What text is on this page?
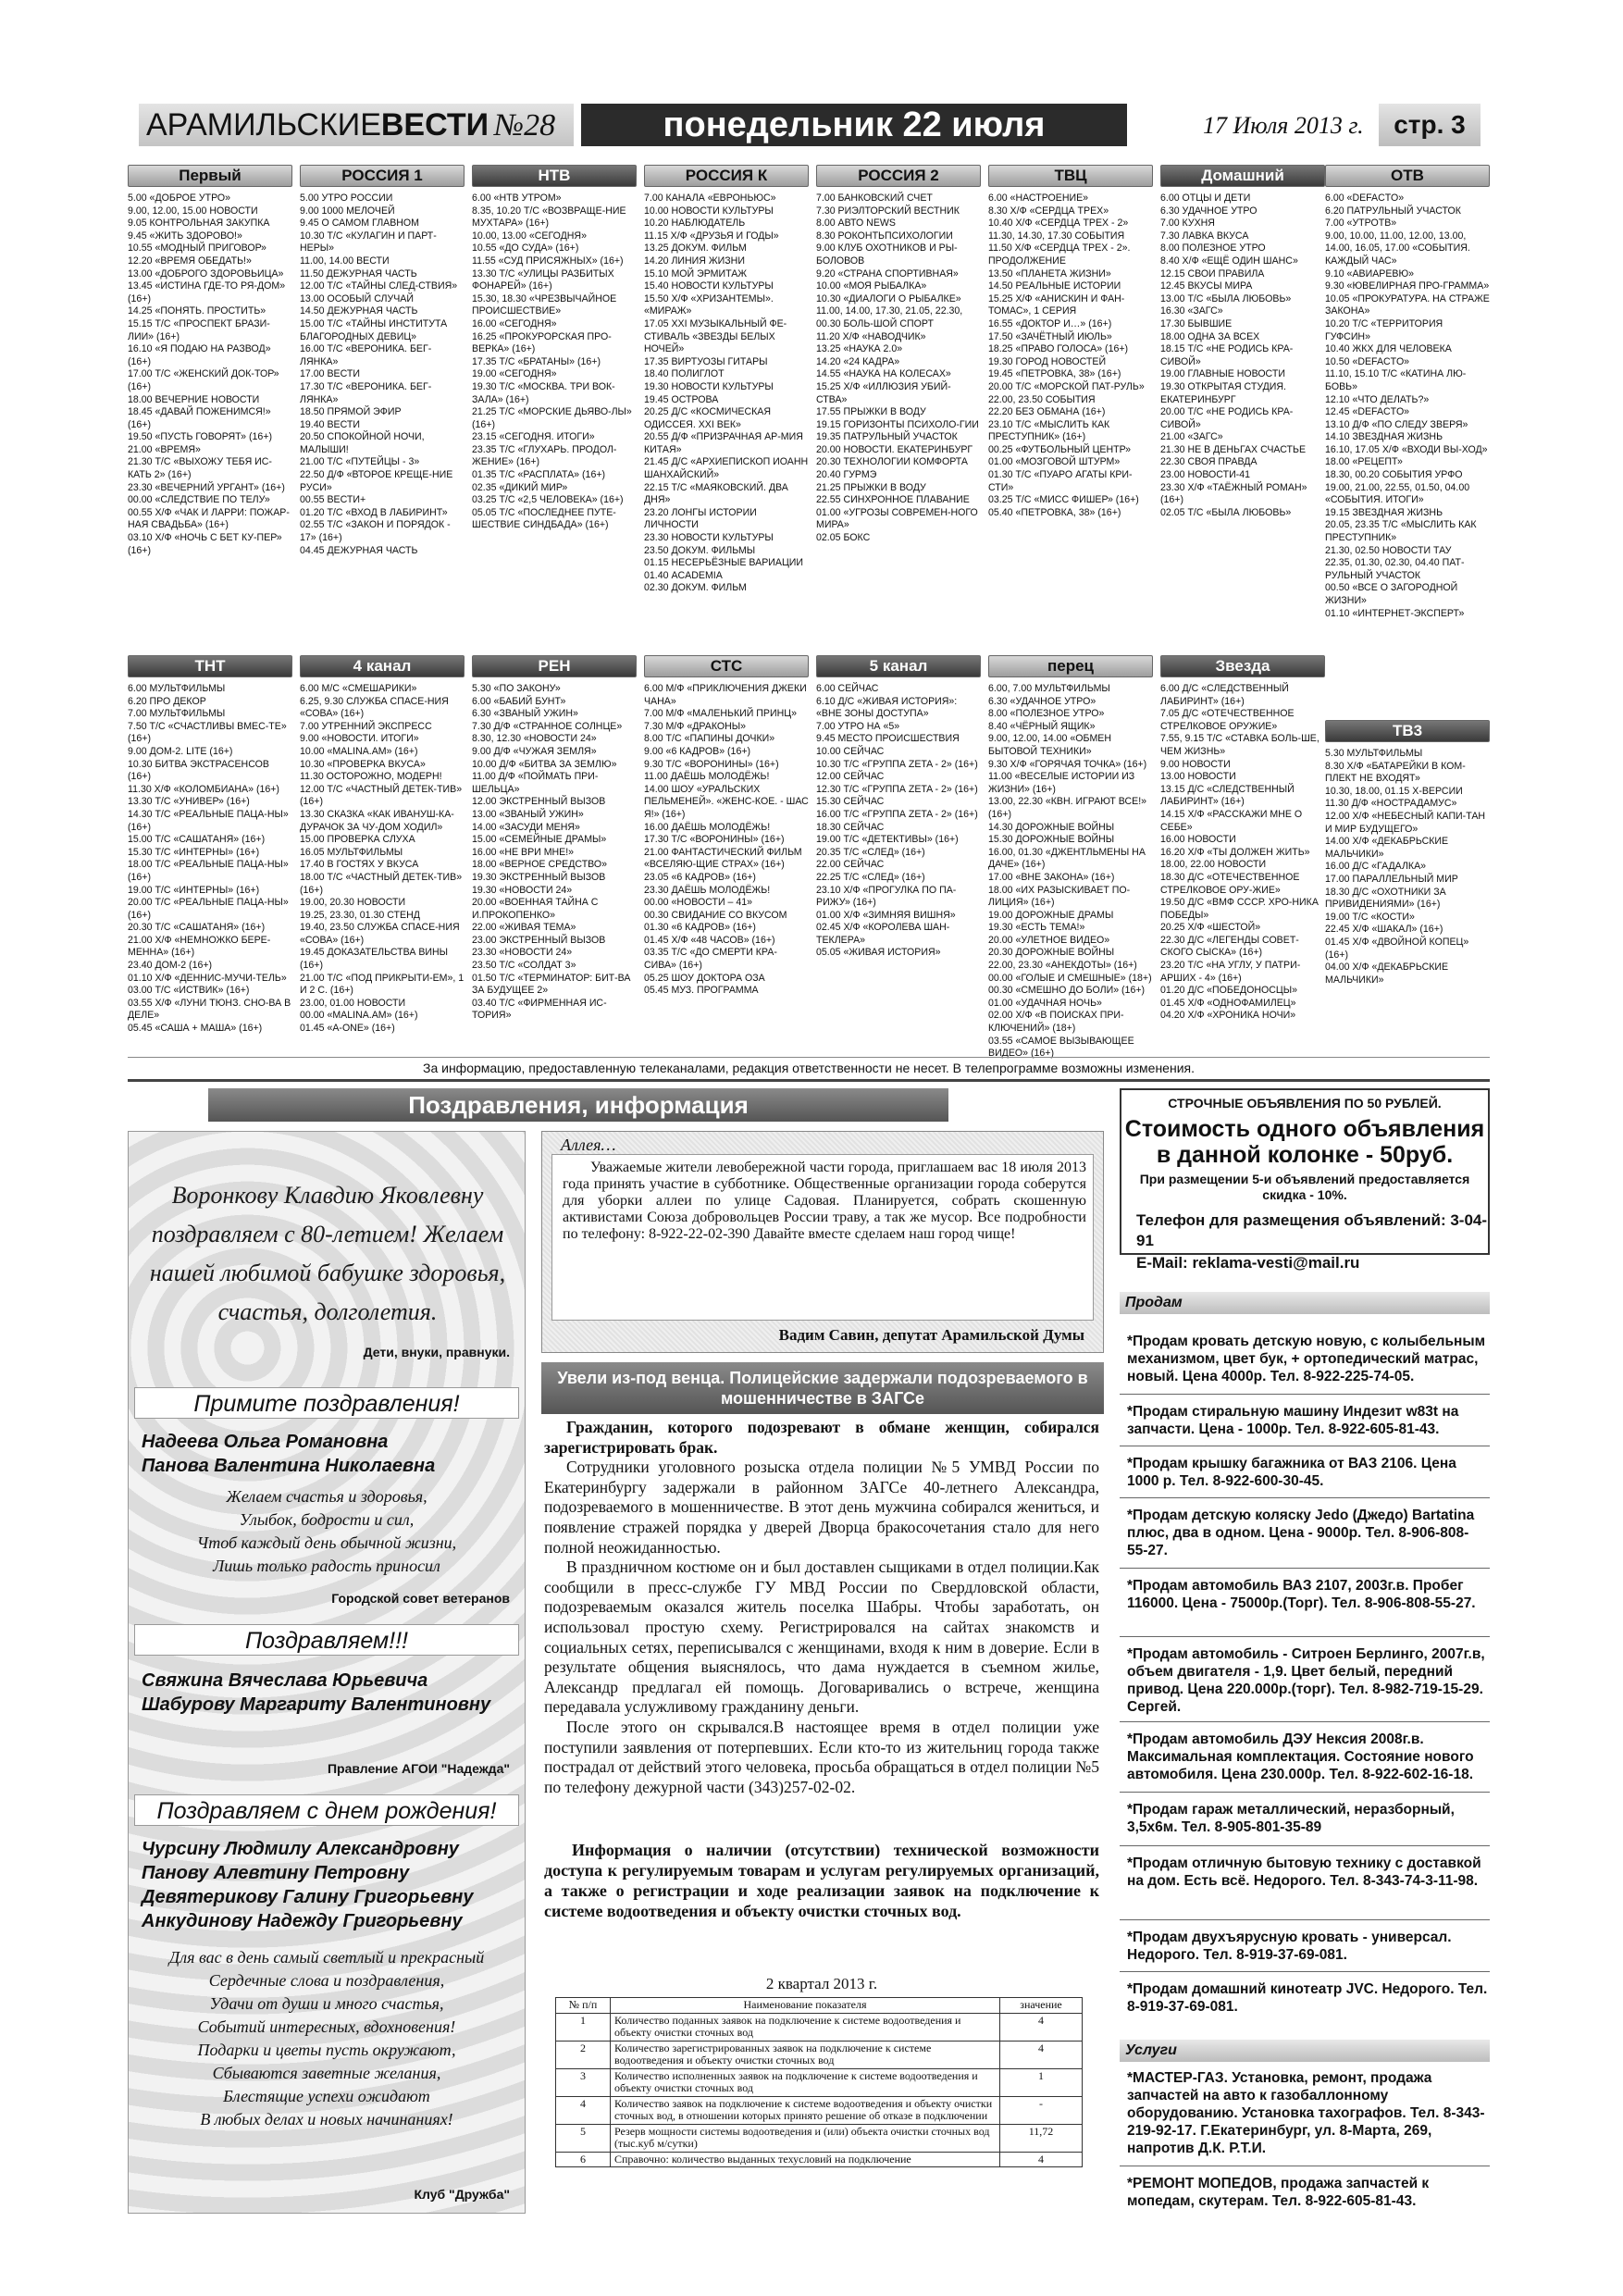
АРАМИЛЬСКИЕВЕСТИ №28	понедельник 22 июля	17 Июля 2013 г.	стр. 3
Первый
5.00 «ДОБРОЕ УТРО»
9.00, 12.00, 15.00 НОВОСТИ
9.05 КОНТРОЛЬНАЯ ЗАКУПКА
9.45 «ЖИТЬ ЗДОРОВО!»
10.55 «МОДНЫЙ ПРИГОВОР»
12.20 «ВРЕМЯ ОБЕДАТЬ!»
13.00 «ДОБРОГО ЗДОРОВЬИЦА»
13.45 «ИСТИНА ГДЕ-ТО РЯ-ДОМ» (16+)
14.25 «ПОНЯТЬ. ПРОСТИТЬ»
15.15 Т/С «ПРОСПЕКТ БРАЗИ-ЛИИ» (16+)
16.10 «Я ПОДАЮ НА РАЗВОД» (16+)
17.00 Т/С «ЖЕНСКИЙ ДОК-ТОР» (16+)
18.00 ВЕЧЕРНИЕ НОВОСТИ
18.45 «ДАВАЙ ПОЖЕНИМСЯ!» (16+)
19.50 «ПУСТЬ ГОВОРЯТ» (16+)
21.00 «ВРЕМЯ»
21.30 Т/С «ВЫХОЖУ ТЕБЯ ИС-КАТЬ 2» (16+)
23.30 «ВЕЧЕРНИЙ УРГАНТ» (16+)
00.00 «СЛЕДСТВИЕ ПО ТЕЛУ»
00.55 Х/Ф «ЧАК И ЛАРРИ: ПОЖАР-НАЯ СВАДЬБА» (16+)
03.10 Х/Ф «НОЧЬ С БЕТ КУ-ПЕР» (16+)
РОССИЯ 1
5.00 УТРО РОССИИ
9.00 1000 МЕЛОЧЕЙ
9.45 О САМОМ ГЛАВНОМ
10.30 Т/С «КУЛАГИН И ПАРТ-НЕРЫ»
11.00, 14.00 ВЕСТИ
11.50 ДЕЖУРНАЯ ЧАСТЬ
12.00 Т/С «ТАЙНЫ СЛЕД-СТВИЯ»
13.00 ОСОБЫЙ СЛУЧАЙ
14.50 ДЕЖУРНАЯ ЧАСТЬ
15.00 Т/С «ТАЙНЫ ИНСТИТУТА БЛАГОРОДНЫХ ДЕВИЦ»
16.00 Т/С «ВЕРОНИКА. БЕГ-ЛЯНКА»
17.00 ВЕСТИ
17.30 Т/С «ВЕРОНИКА. БЕГ-ЛЯНКА»
18.50 ПРЯМОЙ ЭФИР
19.40 ВЕСТИ
20.50 СПОКОЙНОЙ НОЧИ, МАЛЫШИ!
21.00 Т/С «ПУТЕЙЦЫ - 3»
22.50 Д/Ф «ВТОРОЕ КРЕЩЕ-НИЕ РУСИ»
00.55 ВЕСТИ+
01.20 Т/С «ВХОД В ЛАБИРИНТ»
02.55 Т/С «ЗАКОН И ПОРЯДОК - 17» (16+)
04.45 ДЕЖУРНАЯ ЧАСТЬ
НТВ
6.00 «НТВ УТРОМ»
8.35, 10.20 Т/С «ВОЗВРАЩЕ-НИЕ МУХТАРА» (16+)
10.00, 13.00 «СЕГОДНЯ»
10.55 «ДО СУДА» (16+)
11.55 «СУД ПРИСЯЖНЫХ» (16+)
13.30 Т/С «УЛИЦЫ РАЗБИТЫХ ФОНАРЕЙ» (16+)
15.30, 18.30 «ЧРЕЗВЫЧАЙНОЕ ПРОИСШЕСТВИЕ»
16.00 «СЕГОДНЯ»
16.25 «ПРОКУРОРСКАЯ ПРО-ВЕРКА» (16+)
17.35 Т/С «БРАТАНЫ» (16+)
19.00 «СЕГОДНЯ»
19.30 Т/С «МОСКВА. ТРИ ВОК-ЗАЛА» (16+)
21.25 Т/С «МОРСКИЕ ДЬЯВО-ЛЫ» (16+)
23.15 «СЕГОДНЯ. ИТОГИ»
23.35 Т/С «ГЛУХАРЬ. ПРОДОЛ-ЖЕНИЕ» (16+)
01.35 Т/С «РАСПЛАТА» (16+)
02.35 «ДИКИЙ МИР»
03.25 Т/С «2,5 ЧЕЛОВЕКА» (16+)
05.05 Т/С «ПОСЛЕДНЕЕ ПУТЕ-ШЕСТВИЕ СИНДБАДА» (16+)
РОССИЯ К
7.00 КАНАЛА «ЕВРОНЬЮС»
10.00 НОВОСТИ КУЛЬТУРЫ
10.20 НАБЛЮДАТЕЛЬ
11.15 Х/Ф «ДРУЗЬЯ И ГОДЫ»
13.25 ДОКУМ. ФИЛЬМ
14.20 ЛИНИЯ ЖИЗНИ
15.10 МОЙ ЭРМИТАЖ
15.40 НОВОСТИ КУЛЬТУРЫ
15.50 Х/Ф «ХРИЗАНТЕМЫ». «МИРАЖ»
17.05 XXI МУЗЫКАЛЬНЫЙ ФЕ-СТИВАЛЬ «ЗВЕЗДЫ БЕЛЫХ НОЧЕЙ»
17.35 ВИРТУОЗЫ ГИТАРЫ
18.40 ПОЛИГЛОТ
19.30 НОВОСТИ КУЛЬТУРЫ
19.45 ОСТРОВА
20.25 Д/С «КОСМИЧЕСКАЯ ОДИССЕЯ. XXI ВЕК»
20.55 Д/Ф «ПРИЗРАЧНАЯ АР-МИЯ КИТАЯ»
21.45 Д/С «АРХИЕПИСКОП ИОАНН ШАНХАЙСКИЙ»
22.15 Т/С «МАЯКОВСКИЙ. ДВА ДНЯ»
23.20 ЛОНГЫ ИСТОРИИ ЛИЧНОСТИ
23.30 НОВОСТИ КУЛЬТУРЫ
23.50 ДОКУМ. ФИЛЬМЫ
01.15 НЕСЕРЬЁЗНЫЕ ВАРИАЦИИ
01.40 ACADEMIA
02.30 ДОКУМ. ФИЛЬМ
РОССИЯ 2
7.00 БАНКОВСКИЙ СЧЕТ
7.30 РИЭЛТОРСКИЙ ВЕСТНИК
8.00 АВТО NEWS
8.30 РОКОНТЬПСИХОЛОГИИ
9.00 КЛУБ ОХОТНИКОВ И РЫ-БОЛОВОВ
9.20 «СТРАНА СПОРТИВНАЯ»
10.00 «МОЯ РЫБАЛКА»
10.30 «ДИАЛОГИ О РЫБАЛКЕ»
11.00, 14.00, 17.30, 21.05, 22.30, 00.30 БОЛЬ-ШОЙ СПОРТ
11.20 Х/Ф «НАВОДЧИК»
13.25 «НАУКА 2.0»
14.20 «24 КАДРА»
14.55 «НАУКА НА КОЛЕСАХ»
15.25 Х/Ф «ИЛЛЮЗИЯ УБИЙ-СТВА»
17.55 ПРЫЖКИ В ВОДУ
19.15 ГОРИЗОНТЫ ПСИХОЛО-ГИИ
19.35 ПАТРУЛЬНЫЙ УЧАСТОК
20.00 НОВОСТИ. ЕКАТЕРИНБУРГ
20.30 ТЕХНОЛОГИИ КОМФОРТА
20.40 ГУРМЭ
21.25 ПРЫЖКИ В ВОДУ
22.55 СИНХРОННОЕ ПЛАВАНИЕ
01.00 «УГРОЗЫ СОВРЕМЕН-НОГО МИРА»
02.05 БОКС
ТВЦ
6.00 «НАСТРОЕНИЕ»
8.30 Х/Ф «СЕРДЦА ТРЕХ»
10.40 Х/Ф «СЕРДЦА ТРЕХ - 2»
11.30, 14.30, 17.30 СОБЫТИЯ
11.50 Х/Ф «СЕРДЦА ТРЕХ - 2». ПРОДОЛЖЕНИЕ
13.50 «ПЛАНЕТА ЖИЗНИ»
14.50 РЕАЛЬНЫЕ ИСТОРИИ
15.25 Х/Ф «АНИСКИН И ФАН-ТОМАС», 1 СЕРИЯ
16.55 «ДОКТОР И…» (16+)
17.50 «ЗАЧЁТНЫЙ ИЮЛЬ»
18.25 «ПРАВО ГОЛОСА» (16+)
19.30 ГОРОД НОВОСТЕЙ
19.45 «ПЕТРОВКА, 38» (16+)
20.00 Т/С «МОРСКОЙ ПАТ-РУЛЬ»
22.00, 23.50 СОБЫТИЯ
22.20 БЕЗ ОБМАНА (16+)
23.10 Т/С «МЫСЛИТЬ КАК ПРЕСТУПНИК» (16+)
00.25 «ФУТБОЛЬНЫЙ ЦЕНТР»
01.00 «МОЗГОВОЙ ШТУРМ»
01.30 Т/С «ПУАРО АГАТЫ КРИ-СТИ»
03.25 Т/С «МИСС ФИШЕР» (16+)
05.40 «ПЕТРОВКА, 38» (16+)
Домашний
6.00 ОТЦЫ И ДЕТИ
6.30 УДАЧНОЕ УТРО
7.00 КУХНЯ
7.30 ЛАВКА ВКУСА
8.00 ПОЛЕЗНОЕ УТРО
8.40 Х/Ф «ЕЩЁ ОДИН ШАНС»
12.15 СВОИ ПРАВИЛА
12.45 ВКУСЫ МИРА
13.00 Т/С «БЫЛА ЛЮБОВЬ»
16.30 «ЗАГС»
17.30 БЫВШИЕ
18.00 ОДНА ЗА ВСЕХ
18.15 Т/С «НЕ РОДИСЬ КРА-СИВОЙ»
19.00 ГЛАВНЫЕ НОВОСТИ
19.30 ОТКРЫТАЯ СТУДИЯ. ЕКАТЕРИНБУРГ
20.00 Т/С «НЕ РОДИСЬ КРА-СИВОЙ»
21.00 «ЗАГС»
21.30 НЕ В ДЕНЬГАХ СЧАСТЬЕ
22.30 СВОЯ ПРАВДА
23.00 НОВОСТИ-41
23.30 Х/Ф «ТАЁЖНЫЙ РОМАН» (16+)
02.05 Т/С «БЫЛА ЛЮБОВЬ»
ОТВ
6.00 «DEFACTO»
6.20 ПАТРУЛЬНЫЙ УЧАСТОК
7.00 «УТРОТВ»
9.00, 10.00, 11.00, 12.00, 13.00, 14.00, 16.05, 17.00 «СОБЫТИЯ. КАЖДЫЙ ЧАС»
9.10 «АВИАРЕВЮ»
9.30 «ЮВЕЛИРНАЯ ПРО-ГРАММА»
10.05 «ПРОКУРАТУРА. НА СТРАЖЕ ЗАКОНА»
10.20 Т/С «ТЕРРИТОРИЯ ГУФСИН»
10.40 ЖКХ ДЛЯ ЧЕЛОВЕКА
10.50 «DEFACTO»
11.10, 15.10 Т/С «КАТИНА ЛЮ-БОВЬ»
12.10 «ЧТО ДЕЛАТЬ?»
12.45 «DEFACTO»
13.10 Д/Ф «ПО СЛЕДУ ЗВЕРЯ»
14.10 ЗВЕЗДНАЯ ЖИЗНЬ
16.10, 17.05 Х/Ф «ВХОДИ ВЫ-ХОД»
18.00 «РЕЦЕПТ»
18.30, 00.20 СОБЫТИЯ УРФО
19.00, 21.00, 22.55, 01.50, 04.00 «СОБЫТИЯ. ИТОГИ»
19.15 ЗВЕЗДНАЯ ЖИЗНЬ
20.05, 23.35 Т/С «МЫСЛИТЬ КАК ПРЕСТУПНИК»
21.30, 02.50 НОВОСТИ ТАУ
22.35, 01.30, 02.30, 04.40 ПАТ-РУЛЬНЫЙ УЧАСТОК
00.50 «ВСЕ О ЗАГОРОДНОЙ ЖИЗНИ»
01.10 «ИНТЕРНЕТ-ЭКСПЕРТ»
ТНТ
6.00 МУЛЬТФИЛЬМЫ
6.20 ПРО ДЕКОР
7.00 МУЛЬТФИЛЬМЫ
7.50 Т/С «СЧАСТЛИВЫ ВМЕС-ТЕ» (16+)
9.00 ДОМ-2. LITE (16+)
10.30 БИТВА ЭКСТРАСЕНСОВ (16+)
11.30 Х/Ф «КОЛОМБИАНА» (16+)
13.30 Т/С «УНИВЕР» (16+)
14.30 Т/С «РЕАЛЬНЫЕ ПАЦА-НЫ» (16+)
15.00 Т/С «САШАТАНЯ» (16+)
15.30 Т/С «ИНТЕРНЫ» (16+)
18.00 Т/С «РЕАЛЬНЫЕ ПАЦА-НЫ» (16+)
19.00 Т/С «ИНТЕРНЫ» (16+)
20.00 Т/С «РЕАЛЬНЫЕ ПАЦА-НЫ» (16+)
20.30 Т/С «САШАТАНЯ» (16+)
21.00 Х/Ф «НЕМНОЖКО БЕРЕ-МЕННА» (16+)
23.40 ДОМ-2 (16+)
01.10 Х/Ф «ДЕННИС-МУЧИ-ТЕЛЬ»
03.00 Т/С «ИСТВИК» (16+)
03.55 Х/Ф «ЛУНИ ТЮНЗ. СНО-ВА В ДЕЛЕ»
05.45 «САША + МАША» (16+)
4 канал
6.00 М/С «СМЕШАРИКИ»
6.25, 9.30 СЛУЖБА СПАСЕ-НИЯ «СОВА» (16+)
7.00 УТРЕННИЙ ЭКСПРЕСС
9.00 «НОВОСТИ. ИТОГИ»
10.00 «MALINA.AM» (16+)
10.30 «ПРОВЕРКА ВКУСА»
11.30 ОСТОРОЖНО, МОДЕРН!
12.00 Т/С «ЧАСТНЫЙ ДЕТЕК-ТИВ» (16+)
13.30 СКАЗКА «КАК ИВАНУШ-КА-ДУРАЧОК ЗА ЧУ-ДОМ ХОДИЛ»
15.00 ПРОВЕРКА СЛУХА
16.05 МУЛЬТФИЛЬМЫ
17.40 В ГОСТЯХ У ВКУСА
18.00 Т/С «ЧАСТНЫЙ ДЕТЕК-ТИВ» (16+)
19.00, 20.30 НОВОСТИ
19.25, 23.30, 01.30 СТЕНД
19.40, 23.50 СЛУЖБА СПАСЕ-НИЯ «СОВА» (16+)
19.45 ДОКАЗАТЕЛЬСТВА ВИНЫ (16+)
21.00 Т/С «ПОД ПРИКРЫТИ-ЕМ», 1 И 2 С. (16+)
23.00, 01.00 НОВОСТИ
00.00 «MALINA.AM» (16+)
01.45 «A-ONE» (16+)
РЕН
5.30 «ПО ЗАКОНУ»
6.00 «БАБИЙ БУНТ»
6.30 «ЗВАНЫЙ УЖИН»
7.30 Д/Ф «СТРАННОЕ СОЛНЦЕ»
8.30, 12.30 «НОВОСТИ 24»
9.00 Д/Ф «ЧУЖАЯ ЗЕМЛЯ»
10.00 Д/Ф «БИТВА ЗА ЗЕМЛЮ»
11.00 Д/Ф «ПОЙМАТЬ ПРИ-ШЕЛЬЦА»
12.00 ЭКСТРЕННЫЙ ВЫЗОВ
13.00 «ЗВАНЫЙ УЖИН»
14.00 «ЗАСУДИ МЕНЯ»
15.00 «СЕМЕЙНЫЕ ДРАМЫ»
16.00 «НЕ ВРИ МНЕ!»
18.00 «ВЕРНОЕ СРЕДСТВО»
19.30 ЭКСТРЕННЫЙ ВЫЗОВ
19.30 «НОВОСТИ 24»
20.00 «ВОЕННАЯ ТАЙНА С И.ПРОКОПЕНКО»
22.00 «ЖИВАЯ ТЕМА»
23.00 ЭКСТРЕННЫЙ ВЫЗОВ
23.30 «НОВОСТИ 24»
23.50 Т/С «СОЛДАТ 3»
01.50 Т/С «ТЕРМИНАТОР: БИТ-ВА ЗА БУДУЩЕЕ 2»
03.40 Т/С «ФИРМЕННАЯ ИС-ТОРИЯ»
СТС
6.00 М/Ф «ПРИКЛЮЧЕНИЯ ДЖЕКИ ЧАНА»
7.00 М/Ф «МАЛЕНЬКИЙ ПРИНЦ»
7.30 М/Ф «ДРАКОНЫ»
8.00 Т/С «ПАПИНЫ ДОЧКИ»
9.00 «6 КАДРОВ» (16+)
9.30 Т/С «ВОРОНИНЫ» (16+)
11.00 ДАЁШЬ МОЛОДЁЖЬ!
14.00 ШОУ «УРАЛЬСКИХ ПЕЛЬМЕНЕЙ». «ЖЕНС-КОЕ. - ШАС Я!» (16+)
16.00 ДАЁШЬ МОЛОДЁЖЬ!
17.30 Т/С «ВОРОНИНЫ» (16+)
21.00 ФАНТАСТИЧЕСКИЙ ФИЛЬМ «ВСЕЛЯЮ-ЩИЕ СТРАХ» (16+)
23.05 «6 КАДРОВ» (16+)
23.30 ДАЁШЬ МОЛОДЁЖЬ!
00.00 «НОВОСТИ – 41»
00.30 СВИДАНИЕ СО ВКУСОМ
01.30 «6 КАДРОВ» (16+)
01.45 Х/Ф «48 ЧАСОВ» (16+)
03.35 Т/С «ДО СМЕРТИ КРА-СИВА» (16+)
05.25 ШОУ ДОКТОРА ОЗА
05.45 МУЗ. ПРОГРАММА
5 канал
6.00 СЕЙЧАС
6.10 Д/С «ЖИВАЯ ИСТОРИЯ»: «ВНЕ ЗОНЫ ДОСТУПА»
7.00 УТРО НА «5»
9.45 МЕСТО ПРОИСШЕСТВИЯ
10.00 СЕЙЧАС
10.30 Т/С «ГРУППА ZETA - 2» (16+)
12.00 СЕЙЧАС
12.30 Т/С «ГРУППА ZETA - 2» (16+)
15.30 СЕЙЧАС
16.00 Т/С «ГРУППА ZETA - 2» (16+)
18.30 СЕЙЧАС
19.00 Т/С «ДЕТЕКТИВЫ» (16+)
20.35 Т/С «СЛЕД» (16+)
22.00 СЕЙЧАС
22.25 Т/С «СЛЕД» (16+)
23.10 Х/Ф «ПРОГУЛКА ПО ПА-РИЖУ» (16+)
01.00 Х/Ф «ЗИМНЯЯ ВИШНЯ»
02.45 Х/Ф «КОРОЛЕВА ШАН-ТЕКЛЕРА»
05.05 «ЖИВАЯ ИСТОРИЯ»
перец
6.00, 7.00 МУЛЬТФИЛЬМЫ
6.30 «УДАЧНОЕ УТРО»
8.00 «ПОЛЕЗНОЕ УТРО»
8.40 «ЧЁРНЫЙ ЯЩИК»
9.00, 12.00, 14.00 «ОБМЕН БЫТОВОЙ ТЕХНИКИ»
9.30 Х/Ф «ГОРЯЧАЯ ТОЧКА» (16+)
11.00 «ВЕСЕЛЫЕ ИСТОРИИ ИЗ ЖИЗНИ» (16+)
13.00, 22.30 «КВН. ИГРАЮТ ВСЕ!» (16+)
14.30 ДОРОЖНЫЕ ВОЙНЫ
15.30 ДОРОЖНЫЕ ВОЙНЫ
16.00, 01.30 «ДЖЕНТЛЬМЕНЫ НА ДАЧЕ» (16+)
17.00 «ВНЕ ЗАКОНА» (16+)
18.00 «ИХ РАЗЫСКИВАЕТ ПО-ЛИЦИЯ» (16+)
19.00 ДОРОЖНЫЕ ДРАМЫ
19.30 «ЕСТЬ ТЕМА!»
20.00 «УЛЕТНОЕ ВИДЕО»
20.30 ДОРОЖНЫЕ ВОЙНЫ
22.00, 23.30 «АНЕКДОТЫ» (16+)
00.00 «ГОЛЫЕ И СМЕШНЫЕ» (18+)
00.30 «СМЕШНО ДО БОЛИ» (16+)
01.00 «УДАЧНАЯ НОЧЬ»
02.00 Х/Ф «В ПОИСКАХ ПРИ-КЛЮЧЕНИЙ» (18+)
03.55 «САМОЕ ВЫЗЫВАЮЩЕЕ ВИДЕО» (16+)
Звезда
6.00 Д/С «СЛЕДСТВЕННЫЙ ЛАБИРИНТ» (16+)
7.05 Д/С «ОТЕЧЕСТВЕННОЕ СТРЕЛКОВОЕ ОРУЖИЕ»
7.55, 9.15 Т/С «СТАВКА БОЛЬ-ШЕ, ЧЕМ ЖИЗНЬ»
9.00 НОВОСТИ
13.00 НОВОСТИ
13.15 Д/С «СЛЕДСТВЕННЫЙ ЛАБИРИНТ» (16+)
14.15 Х/Ф «РАССКАЖИ МНЕ О СЕБЕ»
16.00 НОВОСТИ
16.20 Х/Ф «ТЫ ДОЛЖЕН ЖИТЬ»
18.00, 22.00 НОВОСТИ
18.30 Д/С «ОТЕЧЕСТВЕННОЕ СТРЕЛКОВОЕ ОРУ-ЖИЕ»
19.50 Д/С «ВМФ СССР. ХРО-НИКА ПОБЕДЫ»
20.25 Х/Ф «ШЕСТОЙ»
22.30 Д/С «ЛЕГЕНДЫ СОВЕТ-СКОГО СЫСКА» (16+)
23.20 Т/С «НА УГЛУ, У ПАТРИ-АРШИХ - 4» (16+)
01.20 Д/С «ПОБЕДОНОСЦЫ»
01.45 Х/Ф «ОДНОФАМИЛЕЦ»
04.20 Х/Ф «ХРОНИКА НОЧИ»
ТВ3
5.30 МУЛЬТФИЛЬМЫ
8.30 Х/Ф «БАТАРЕЙКИ В КОМ-ПЛЕКТ НЕ ВХОДЯТ»
10.30, 18.00, 01.15 Х-ВЕРСИИ
11.30 Д/Ф «НОСТРАДАМУС»
12.00 Х/Ф «НЕБЕСНЫЙ КАПИ-ТАН И МИР БУДУЩЕГО»
14.00 Х/Ф «ДЕКАБРЬСКИЕ МАЛЬЧИКИ»
16.00 Д/С «ГАДАЛКА»
17.00 ПАРАЛЛЕЛЬНЫЙ МИР
18.30 Д/С «ОХОТНИКИ ЗА ПРИВИДЕНИЯМИ» (16+)
19.00 Т/С «КОСТИ»
22.45 Х/Ф «ШАКАЛ» (16+)
01.45 Х/Ф «ДВОЙНОЙ КОПЕЦ» (16+)
04.00 Х/Ф «ДЕКАБРЬСКИЕ МАЛЬЧИКИ»
За информацию, предоставленную телеканалами, редакция ответственности не несет. В телепрограмме возможны изменения.
Поздравления, информация
Воронкову Клавдию Яковлевну поздравляем с 80-летием! Желаем нашей любимой бабушке здоровья, счастья, долголетия.
Дети, внуки, правнуки.
Примите поздравления!
Надеева Ольга Романовна
Панова Валентина Николаевна
Желаем счастья и здоровья,
Улыбок, бодрости и сил,
Чтоб каждый день обычной жизни,
Лишь только радость приносил
Городской совет ветеранов
Поздравляем!!!
Свяжина Вячеслава Юрьевича
Шабурову Маргариту Валентиновну
Правление АГОИ "Надежда"
Поздравляем с днем рождения!
Чурсину Людмилу Александровну
Панову Алевтину Петровну
Девятерикову Галину Григорьевну
Анкудинову Надежду Григорьевну
Для вас в день самый светлый и прекрасный
Сердечные слова и поздравления,
Удачи от души и много счастья,
Событий интересных, вдохновения!
Подарки и цветы пусть окружают,
Сбываются заветные желания,
Блестящие успехи ожидают
В любых делах и новых начинаниях!
Клуб "Дружба"
Аллея…
Уважаемые жители левобережной части города, приглашаем вас 18 июля 2013 года принять участие в субботнике. Общественные организации города соберутся для уборки аллеи по улице Садовая. Планируется, собрать скошенную активистами Союза добровольцев России траву, а так же мусор. Все подробности по телефону: 8-922-22-02-390 Давайте вместе сделаем наш город чище!
Вадим Савин, депутат Арамильской Думы
Увели из-под венца. Полицейские задержали подозреваемого в мошенничестве в ЗАГСе

Гражданин, которого подозревают в обмане женщин, собирался зарегистрировать брак.

Сотрудники уголовного розыска отдела полиции №5 УМВД России по Екатеринбургу задержали в районном ЗАГСе 40-летнего Александра, подозреваемого в мошенничестве. В этот день мужчина собирался жениться, и появление стражей порядка у дверей Дворца бракосочетания стало для него полной неожиданностью.

В праздничном костюме он и был доставлен сыщиками в отдел полиции.Как сообщили в пресс-службе ГУ МВД России по Свердловской области, подозреваемым оказался житель поселка Шабры. Чтобы заработать, он использовал простую схему. Регистрировался на сайтах знакомств и социальных сетях, переписывался с женщинами, входя к ним в доверие. Если в результате общения выяснялось, что дама нуждается в съемном жилье, Александр предлагал ей помощь. Договаривались о встрече, женщина передавала услужливому гражданину деньги.

После этого он скрывался.В настоящее время в отдел полиции уже поступили заявления от потерпевших. Если кто-то из жительниц города также пострадал от действий этого человека, просьба обращаться в отдел полиции №5 по телефону дежурной части (343)257-02-02.

Информация о наличии (отсутствии) технической возможности доступа к регулируемым товарам и услугам регулируемых организаций, а также о регистрации и ходе реализации заявок на подключение к системе водоотведения и объекту очистки сточных вод.
2 квартал 2013 г.
№ п/п	Наименование показателя	значение
1	Количество поданных заявок на подключение к системе водоотведения и объекту очистки сточных вод	4
2	Количество зарегистрированных заявок на подключение к системе водоотведения и объекту очистки сточных вод	4
3	Количество исполненных заявок на подключение к системе водоотведения и объекту очистки сточных вод	1
4	Количество заявок на подключение к системе водоотведения и объекту очистки сточных вод, в отношении которых принято решение об отказе в подключении	-
5	Резерв мощности системы водоотведения и (или) объекта очистки сточных вод (тыс.куб м/сутки)	11,72
6	Справочно: количество выданных техусловий на подключение	4
СТРОЧНЫЕ ОБЪЯВЛЕНИЯ ПО 50 РУБЛЕЙ.
Стоимость одного объявления в данной колонке - 50руб.
При размещении 5-и объявлений предоставляется скидка - 10%.
Телефон для размещения объявлений: 3-04-91
E-Mail: reklama-vesti@mail.ru
Продам
*Продам кровать детскую новую, с колыбельным механизмом, цвет бук, + ортопедический матрас, новый. Цена 4000р. Тел. 8-922-225-74-05.
*Продам стиральную машину Индезит w83t на запчасти. Цена - 1000р. Тел. 8-922-605-81-43.
*Продам крышку багажника от ВАЗ 2106. Цена 1000 р. Тел. 8-922-600-30-45.
*Продам детскую коляску Jedo (Джедо) Bartatina плюс, два в одном. Цена - 9000р. Тел. 8-906-808-55-27.
*Продам автомобиль ВАЗ 2107, 2003г.в. Пробег 116000. Цена - 75000р.(Торг). Тел. 8-906-808-55-27.
*Продам автомобиль - Ситроен Берлинго, 2007г.в, объем двигателя - 1,9. Цвет белый, передний привод. Цена 220.000р.(торг). Тел. 8-982-719-15-29. Сергей.
*Продам автомобиль ДЭУ Нексия 2008г.в. Максимальная комплектация. Состояние нового автомобиля. Цена 230.000р. Тел. 8-922-602-16-18.
*Продам гараж металлический, неразборный, 3,5х6м. Тел. 8-905-801-35-89
*Продам отличную бытовую технику с доставкой на дом. Есть всё. Недорого. Тел. 8-343-74-3-11-98.
*Продам двухъярусную кровать - универсал. Недорого. Тел. 8-919-37-69-081.
*Продам домашний кинотеатр JVC. Недорого. Тел. 8-919-37-69-081.
Услуги
*МАСТЕР-ГАЗ. Установка, ремонт, продажа запчастей на авто к газобаллонному оборудованию. Установка тахографов. Тел. 8-343-219-92-17. Г.Екатеринбург, ул. 8-Марта, 269, напротив Д.К. Р.Т.И.
*РЕМОНТ МОПЕДОВ, продажа запчастей к мопедам, скутерам. Тел. 8-922-605-81-43.
